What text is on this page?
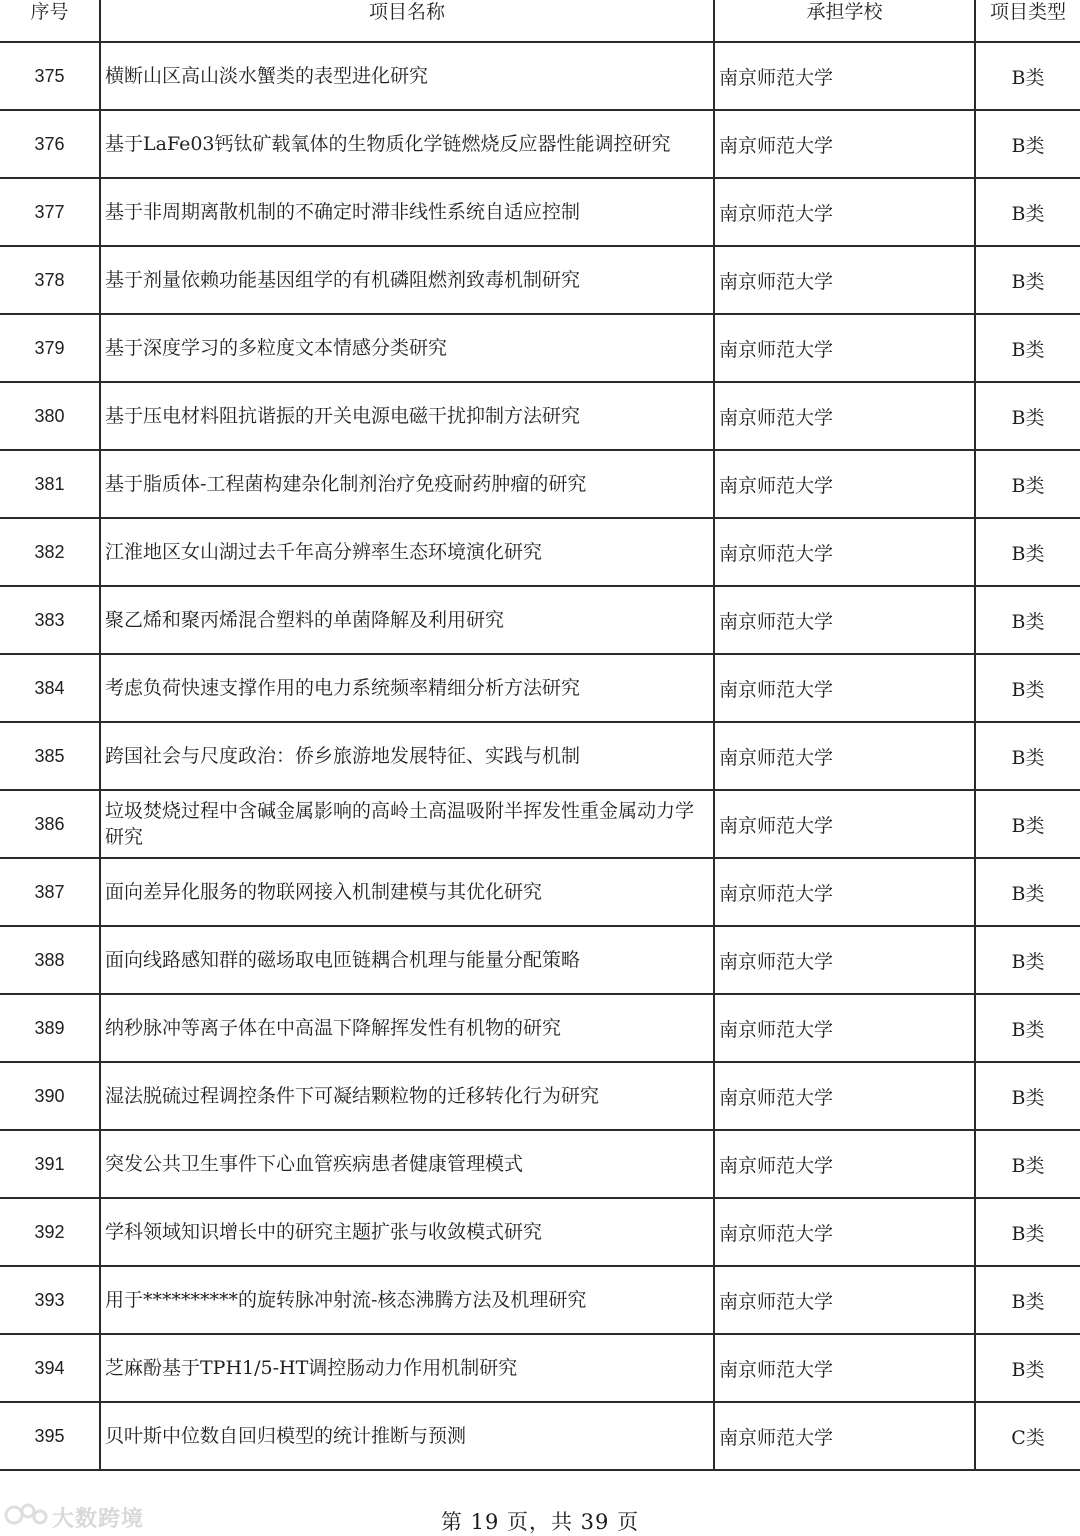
序号	项目名称	承担学校	项目类型
375	横断山区高山淡水蟹类的表型进化研究	南京师范大学	B类
376	基于LaFe03钙钛矿载氧体的生物质化学链燃烧反应器性能调控研究	南京师范大学	B类
377	基于非周期离散机制的不确定时滞非线性系统自适应控制	南京师范大学	B类
378	基于剂量依赖功能基因组学的有机磷阻燃剂致毒机制研究	南京师范大学	B类
379	基于深度学习的多粒度文本情感分类研究	南京师范大学	B类
380	基于压电材料阻抗谐振的开关电源电磁干扰抑制方法研究	南京师范大学	B类
381	基于脂质体-工程菌构建杂化制剂治疗免疫耐药肿瘤的研究	南京师范大学	B类
382	江淮地区女山湖过去千年高分辨率生态环境演化研究	南京师范大学	B类
383	聚乙烯和聚丙烯混合塑料的单菌降解及利用研究	南京师范大学	B类
384	考虑负荷快速支撑作用的电力系统频率精细分析方法研究	南京师范大学	B类
385	跨国社会与尺度政治：侨乡旅游地发展特征、实践与机制	南京师范大学	B类
386	垃圾焚烧过程中含碱金属影响的高岭土高温吸附半挥发性重金属动力学研究	南京师范大学	B类
387	面向差异化服务的物联网接入机制建模与其优化研究	南京师范大学	B类
388	面向线路感知群的磁场取电匝链耦合机理与能量分配策略	南京师范大学	B类
389	纳秒脉冲等离子体在中高温下降解挥发性有机物的研究	南京师范大学	B类
390	湿法脱硫过程调控条件下可凝结颗粒物的迁移转化行为研究	南京师范大学	B类
391	突发公共卫生事件下心血管疾病患者健康管理模式	南京师范大学	B类
392	学科领域知识增长中的研究主题扩张与收敛模式研究	南京师范大学	B类
393	用于**********的旋转脉冲射流-核态沸腾方法及机理研究	南京师范大学	B类
394	芝麻酚基于TPH1/5-HT调控肠动力作用机制研究	南京师范大学	B类
395	贝叶斯中位数自回归模型的统计推断与预测	南京师范大学	C类
大数跨境	第 19 页，共 39 页
